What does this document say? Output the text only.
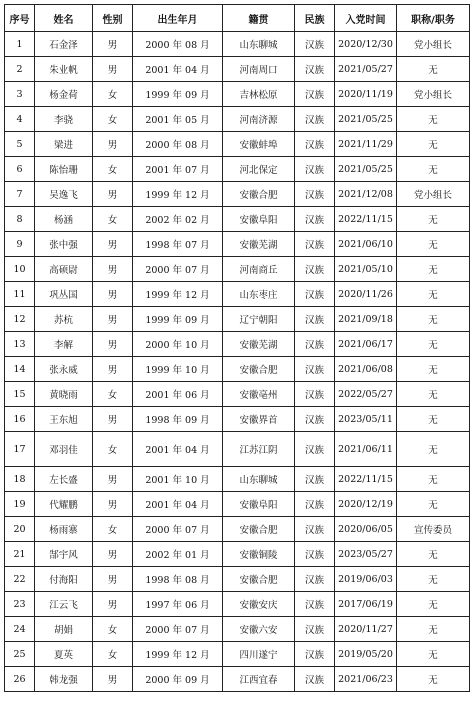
序号	姓名	性别	出生年月	籍贯	民族	入党时间	职称/职务
1	石金泽	男	2000 年 08 月	山东聊城	汉族	2020/12/30	党小组长
2	朱业帆	男	2001 年 04 月	河南周口	汉族	2021/05/27	无
3	杨金荷	女	1999 年 09 月	吉林松原	汉族	2020/11/19	党小组长
4	李骁	女	2001 年 05 月	河南济源	汉族	2021/05/25	无
5	梁进	男	2000 年 08 月	安徽蚌埠	汉族	2021/11/29	无
6	陈怡珊	女	2001 年 07 月	河北保定	汉族	2021/05/25	无
7	吴逸飞	男	1999 年 12 月	安徽合肥	汉族	2021/12/08	党小组长
8	杨涵	女	2002 年 02 月	安徽阜阳	汉族	2022/11/15	无
9	张中强	男	1998 年 07 月	安徽芜湖	汉族	2021/06/10	无
10	高硕尉	男	2000 年 07 月	河南商丘	汉族	2021/05/10	无
11	巩丛国	男	1999 年 12 月	山东枣庄	汉族	2020/11/26	无
12	苏杭	男	1999 年 09 月	辽宁朝阳	汉族	2021/09/18	无
13	李解	男	2000 年 10 月	安徽芜湖	汉族	2021/06/17	无
14	张永威	男	1999 年 10 月	安徽合肥	汉族	2021/06/08	无
15	黄晓雨	女	2001 年 06 月	安徽亳州	汉族	2022/05/27	无
16	王东旭	男	1998 年 09 月	安徽界首	汉族	2023/05/11	无
17	邓羽佳	女	2001 年 04 月	江苏江阴	汉族	2021/06/11	无
18	左长盛	男	2001 年 10 月	山东聊城	汉族	2022/11/15	无
19	代耀鹏	男	2001 年 04 月	安徽阜阳	汉族	2020/12/19	无
20	杨雨寨	女	2000 年 07 月	安徽合肥	汉族	2020/06/05	宣传委员
21	郜宇风	男	2002 年 01 月	安徽铜陵	汉族	2023/05/27	无
22	付海阳	男	1998 年 08 月	安徽合肥	汉族	2019/06/03	无
23	江云飞	男	1997 年 06 月	安徽安庆	汉族	2017/06/19	无
24	胡娟	女	2000 年 07 月	安徽六安	汉族	2020/11/27	无
25	夏英	女	1999 年 12 月	四川遂宁	汉族	2019/05/20	无
26	韩龙强	男	2000 年 09 月	江西宜春	汉族	2021/06/23	无
